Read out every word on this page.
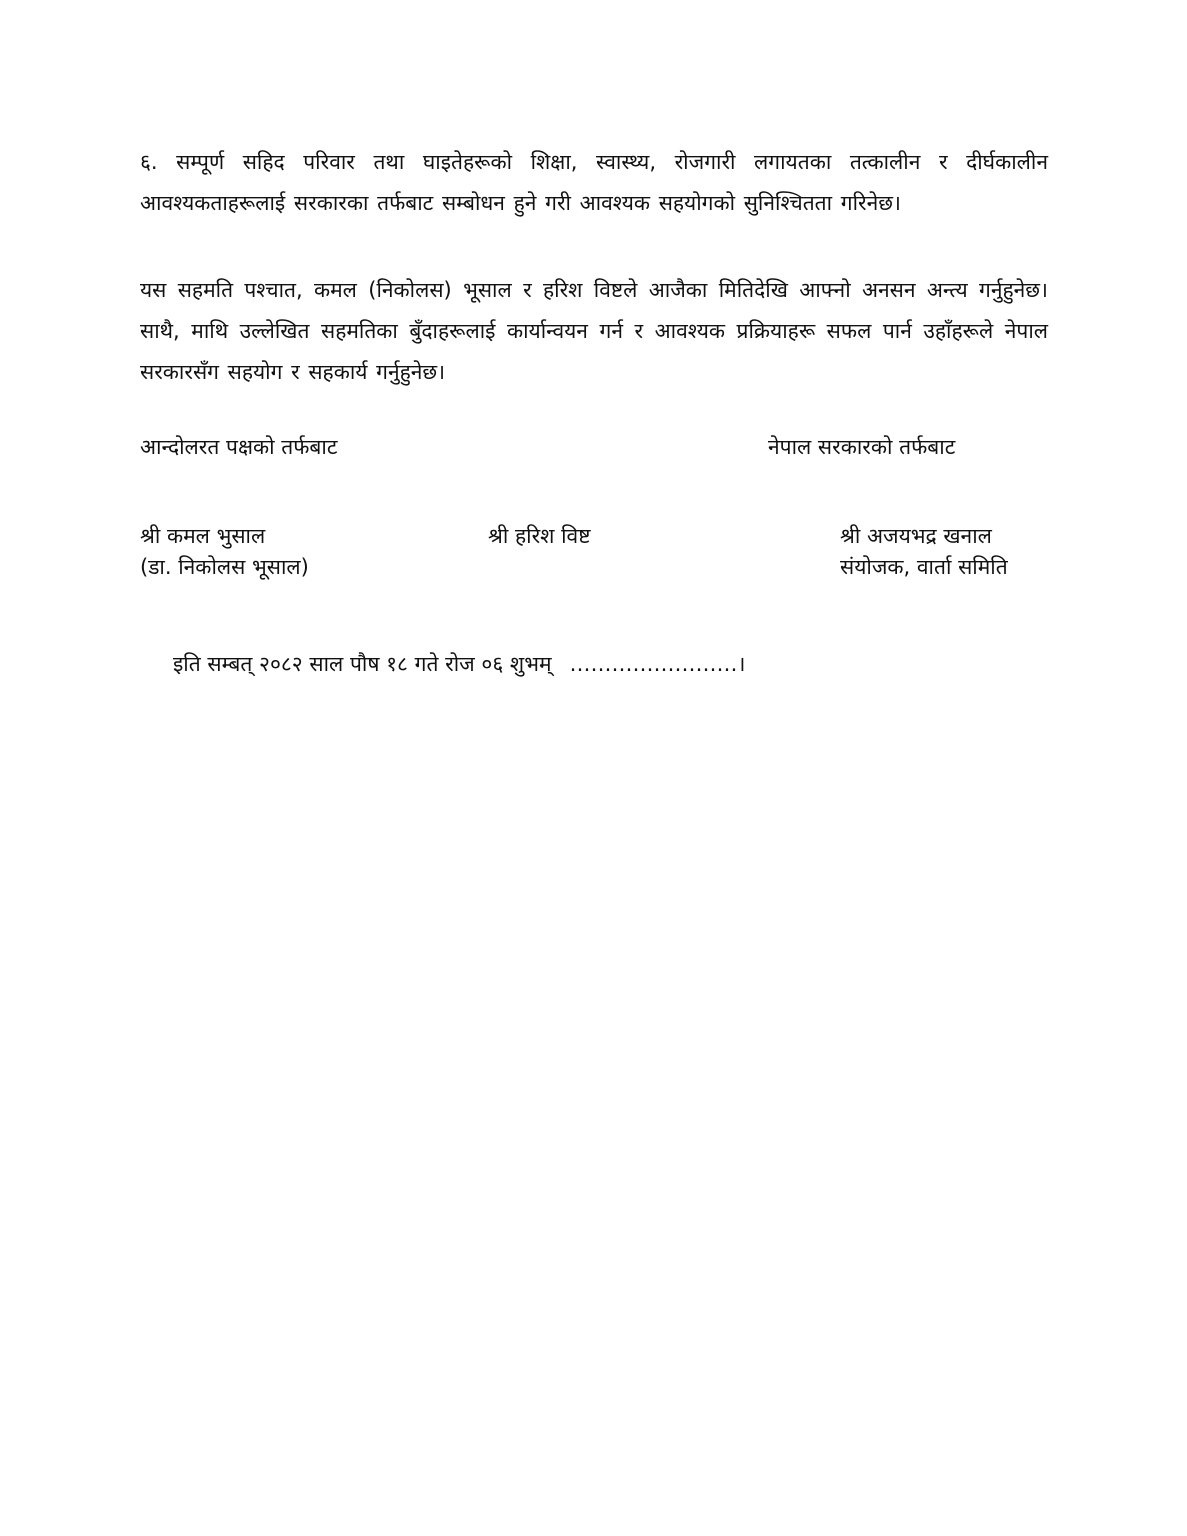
६. सम्पूर्ण सहिद परिवार तथा घाइतेहरूको शिक्षा, स्वास्थ्य, रोजगारी लगायतका तत्कालीन र दीर्घकालीन आवश्यकताहरूलाई सरकारका तर्फबाट सम्बोधन हुने गरी आवश्यक सहयोगको सुनिश्चितता गरिनेछ।

यस सहमति पश्चात, कमल (निकोलस) भूसाल र हरिश विष्टले आजैका मितिदेखि आफ्नो अनसन अन्त्य गर्नुहुनेछ। साथै, माथि उल्लेखित सहमतिका बुँदाहरूलाई कार्यान्वयन गर्न र आवश्यक प्रक्रियाहरू सफल पार्न उहाँहरूले नेपाल सरकारसँग सहयोग र सहकार्य गर्नुहुनेछ।

आन्दोलरत पक्षको तर्फबाट	नेपाल सरकारको तर्फबाट
श्री कमल भुसाल
(डा. निकोलस भूसाल)
श्री हरिश विष्ट	श्री अजयभद्र खनाल
संयोजक, वार्ता समिति
इति सम्बत् २०८२ साल पौष १८ गते रोज ०६ शुभम् ……………………।
